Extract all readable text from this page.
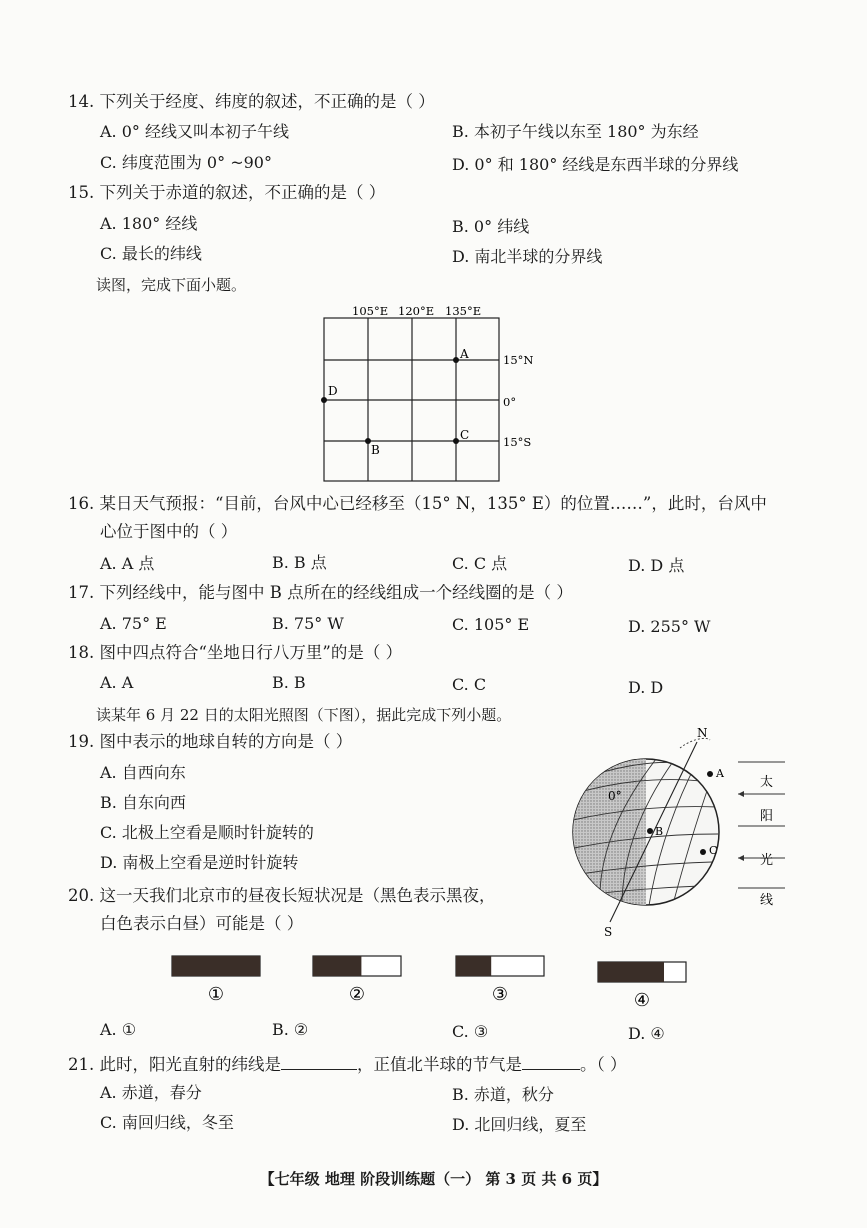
14. 下列关于经度、纬度的叙述，不正确的是（ ）
A. 0° 经线又叫本初子午线	B. 本初子午线以东至 180° 为东经
C. 纬度范围为 0° ~90°	D. 0° 和 180° 经线是东西半球的分界线
15. 下列关于赤道的叙述，不正确的是（ ）
A. 180° 经线	B. 0° 纬线
C. 最长的纬线	D. 南北半球的分界线
读图，完成下面小题。
105°E 120°E 135°E
15°N
0°
15°S
A
B
C
D
16. 某日天气预报：“目前，台风中心已经移至（15° N，135° E）的位置……”，此时，台风中
心位于图中的（ ）
A. A 点	B. B 点	C. C 点	D. D 点
17. 下列经线中，能与图中 B 点所在的经线组成一个经线圈的是（ ）
A. 75° E	B. 75° W	C. 105° E	D. 255° W
18. 图中四点符合“坐地日行八万里”的是（ ）
A. A	B. B	C. C	D. D
读某年 6 月 22 日的太阳光照图（下图），据此完成下列小题。
19. 图中表示的地球自转的方向是（ ）
A. 自西向东
B. 自东向西
C. 北极上空看是顺时针旋转的
D. 南极上空看是逆时针旋转
N
S
0°
A
B
C
太
阳
光
线
20. 这一天我们北京市的昼夜长短状况是（黑色表示黑夜，
白色表示白昼）可能是（ ）
①	②	③	④
A. ①	B. ②	C. ③	D. ④
21. 此时，阳光直射的纬线是	，正值北半球的节气是	。（ ）
A. 赤道，春分	B. 赤道，秋分
C. 南回归线，冬至	D. 北回归线，夏至
【七年级 地理 阶段训练题（一） 第 3 页 共 6 页】
